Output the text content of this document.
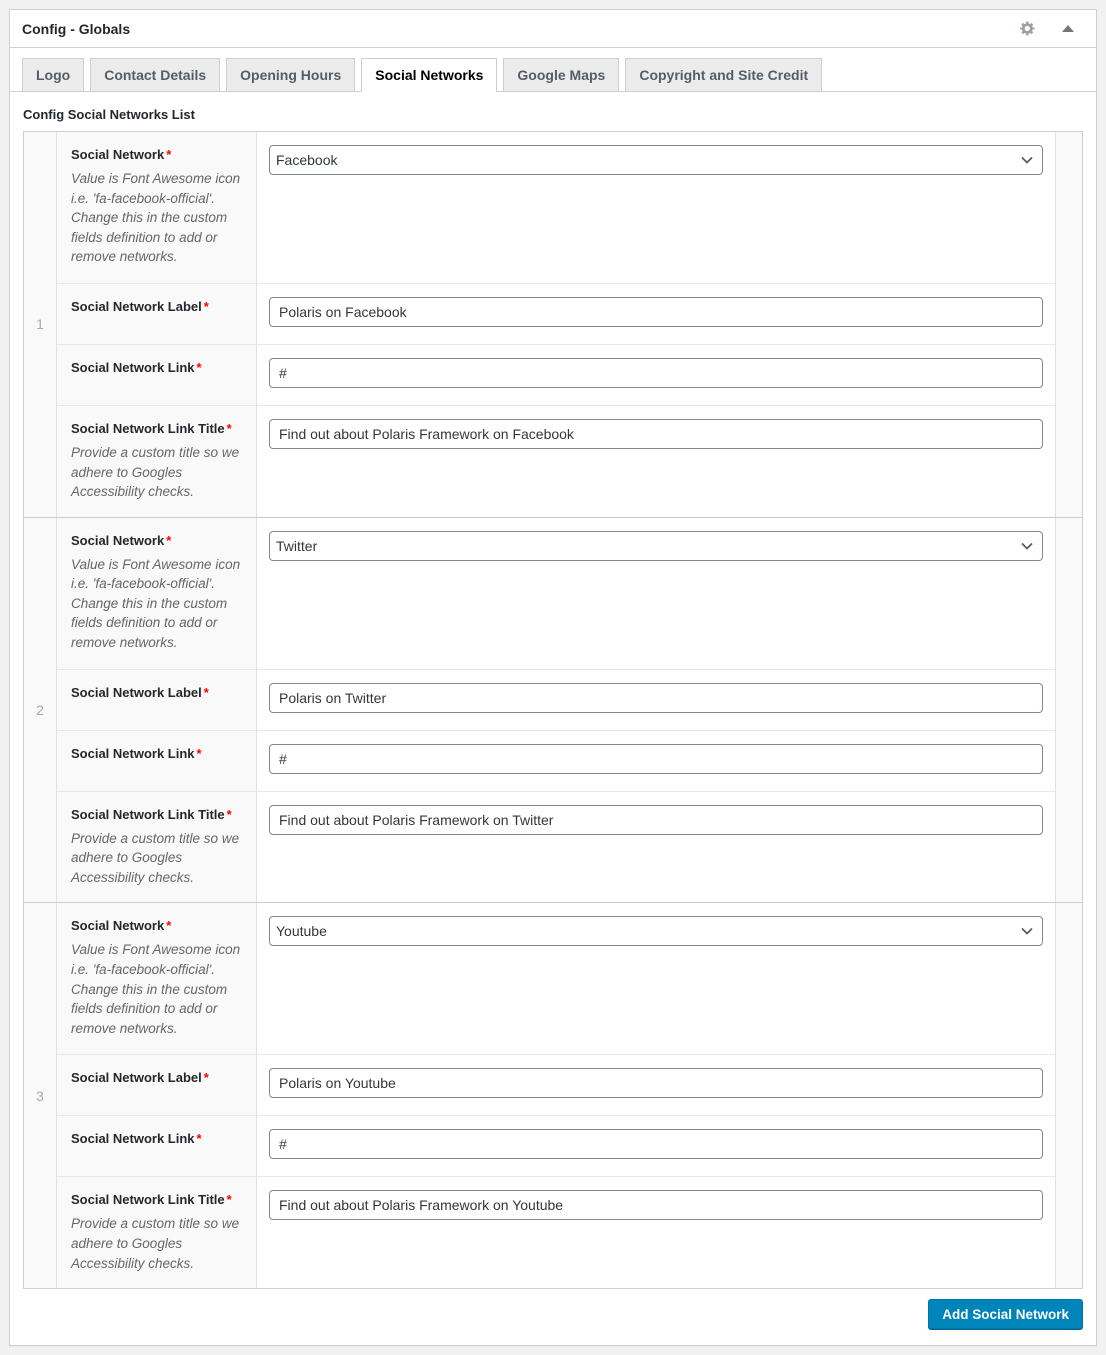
Config - Globals
Logo	Contact Details	Opening Hours	Social Networks	Google Maps	Copyright and Site Credit
Config Social Networks List
1
Social Network *
Value is Font Awesome icon i.e. 'fa-facebook-official'. Change this in the custom fields definition to add or remove networks.
Facebook
Social Network Label *
Polaris on Facebook
Social Network Link *
#
Social Network Link Title *
Provide a custom title so we adhere to Googles Accessibility checks.
Find out about Polaris Framework on Facebook
2
Social Network *
Value is Font Awesome icon i.e. 'fa-facebook-official'. Change this in the custom fields definition to add or remove networks.
Twitter
Social Network Label *
Polaris on Twitter
Social Network Link *
#
Social Network Link Title *
Provide a custom title so we adhere to Googles Accessibility checks.
Find out about Polaris Framework on Twitter
3
Social Network *
Value is Font Awesome icon i.e. 'fa-facebook-official'. Change this in the custom fields definition to add or remove networks.
Youtube
Social Network Label *
Polaris on Youtube
Social Network Link *
#
Social Network Link Title *
Provide a custom title so we adhere to Googles Accessibility checks.
Find out about Polaris Framework on Youtube
Add Social Network
